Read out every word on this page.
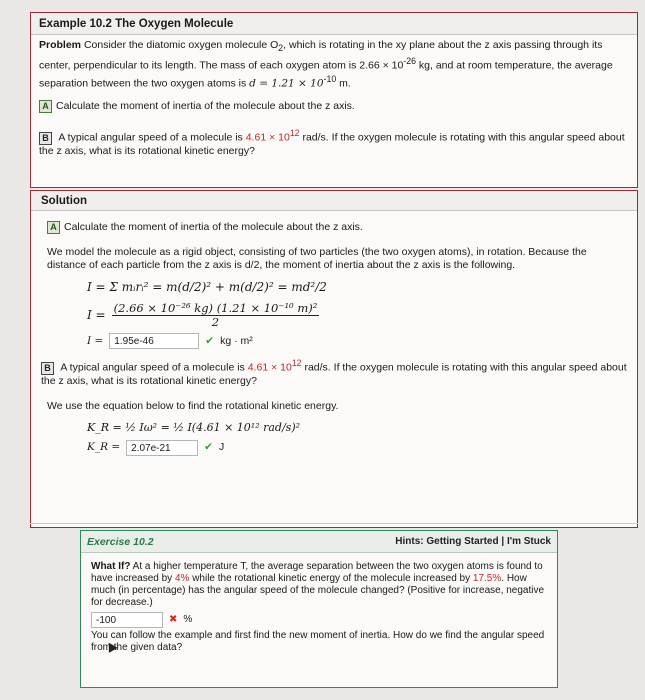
Example 10.2 The Oxygen Molecule
Problem Consider the diatomic oxygen molecule $O_2$, which is rotating in the xy plane about the z axis passing through its center, perpendicular to its length. The mass of each oxygen atom is $2.66 \times 10^{-26}$ kg, and at room temperature, the average separation between the two oxygen atoms is $d = 1.21 \times 10^{-10}$ m.
A Calculate the moment of inertia of the molecule about the z axis.
B A typical angular speed of a molecule is $4.61 \times 10^{12}$ rad/s. If the oxygen molecule is rotating with this angular speed about the z axis, what is its rotational kinetic energy?
Solution
A Calculate the moment of inertia of the molecule about the z axis.
We model the molecule as a rigid object, consisting of two particles (the two oxygen atoms), in rotation. Because the distance of each particle from the z axis is d/2, the moment of inertia about the z axis is the following.
I = Σ mᵢrᵢ² = m(d/2)² + m(d/2)² = md²/2
$I = \frac{\text{(2.66 × 10⁻²⁶ kg) (1.21 × 10⁻¹⁰ m)²}}{2}$
I =	1.95e-46	✔ kg · m²
B A typical angular speed of a molecule is $4.61 \times 10^{12}$ rad/s. If the oxygen molecule is rotating with this angular speed about the z axis, what is its rotational kinetic energy?
We use the equation below to find the rotational kinetic energy.
K_R = ½ Iω² = ½ I(4.61 × 10¹² rad/s)²
K_R =	2.07e-21	✔ J
Exercise 10.2	Hints: Getting Started | I'm Stuck
What If? At a higher temperature T, the average separation between the two oxygen atoms is found to have increased by 4% while the rotational kinetic energy of the molecule increased by 17.5%. How much (in percentage) has the angular speed of the molecule changed? (Positive for increase, negative for decrease.)
-100	✖ %
You can follow the example and first find the new moment of inertia. How do we find the angular speed from the given data?
